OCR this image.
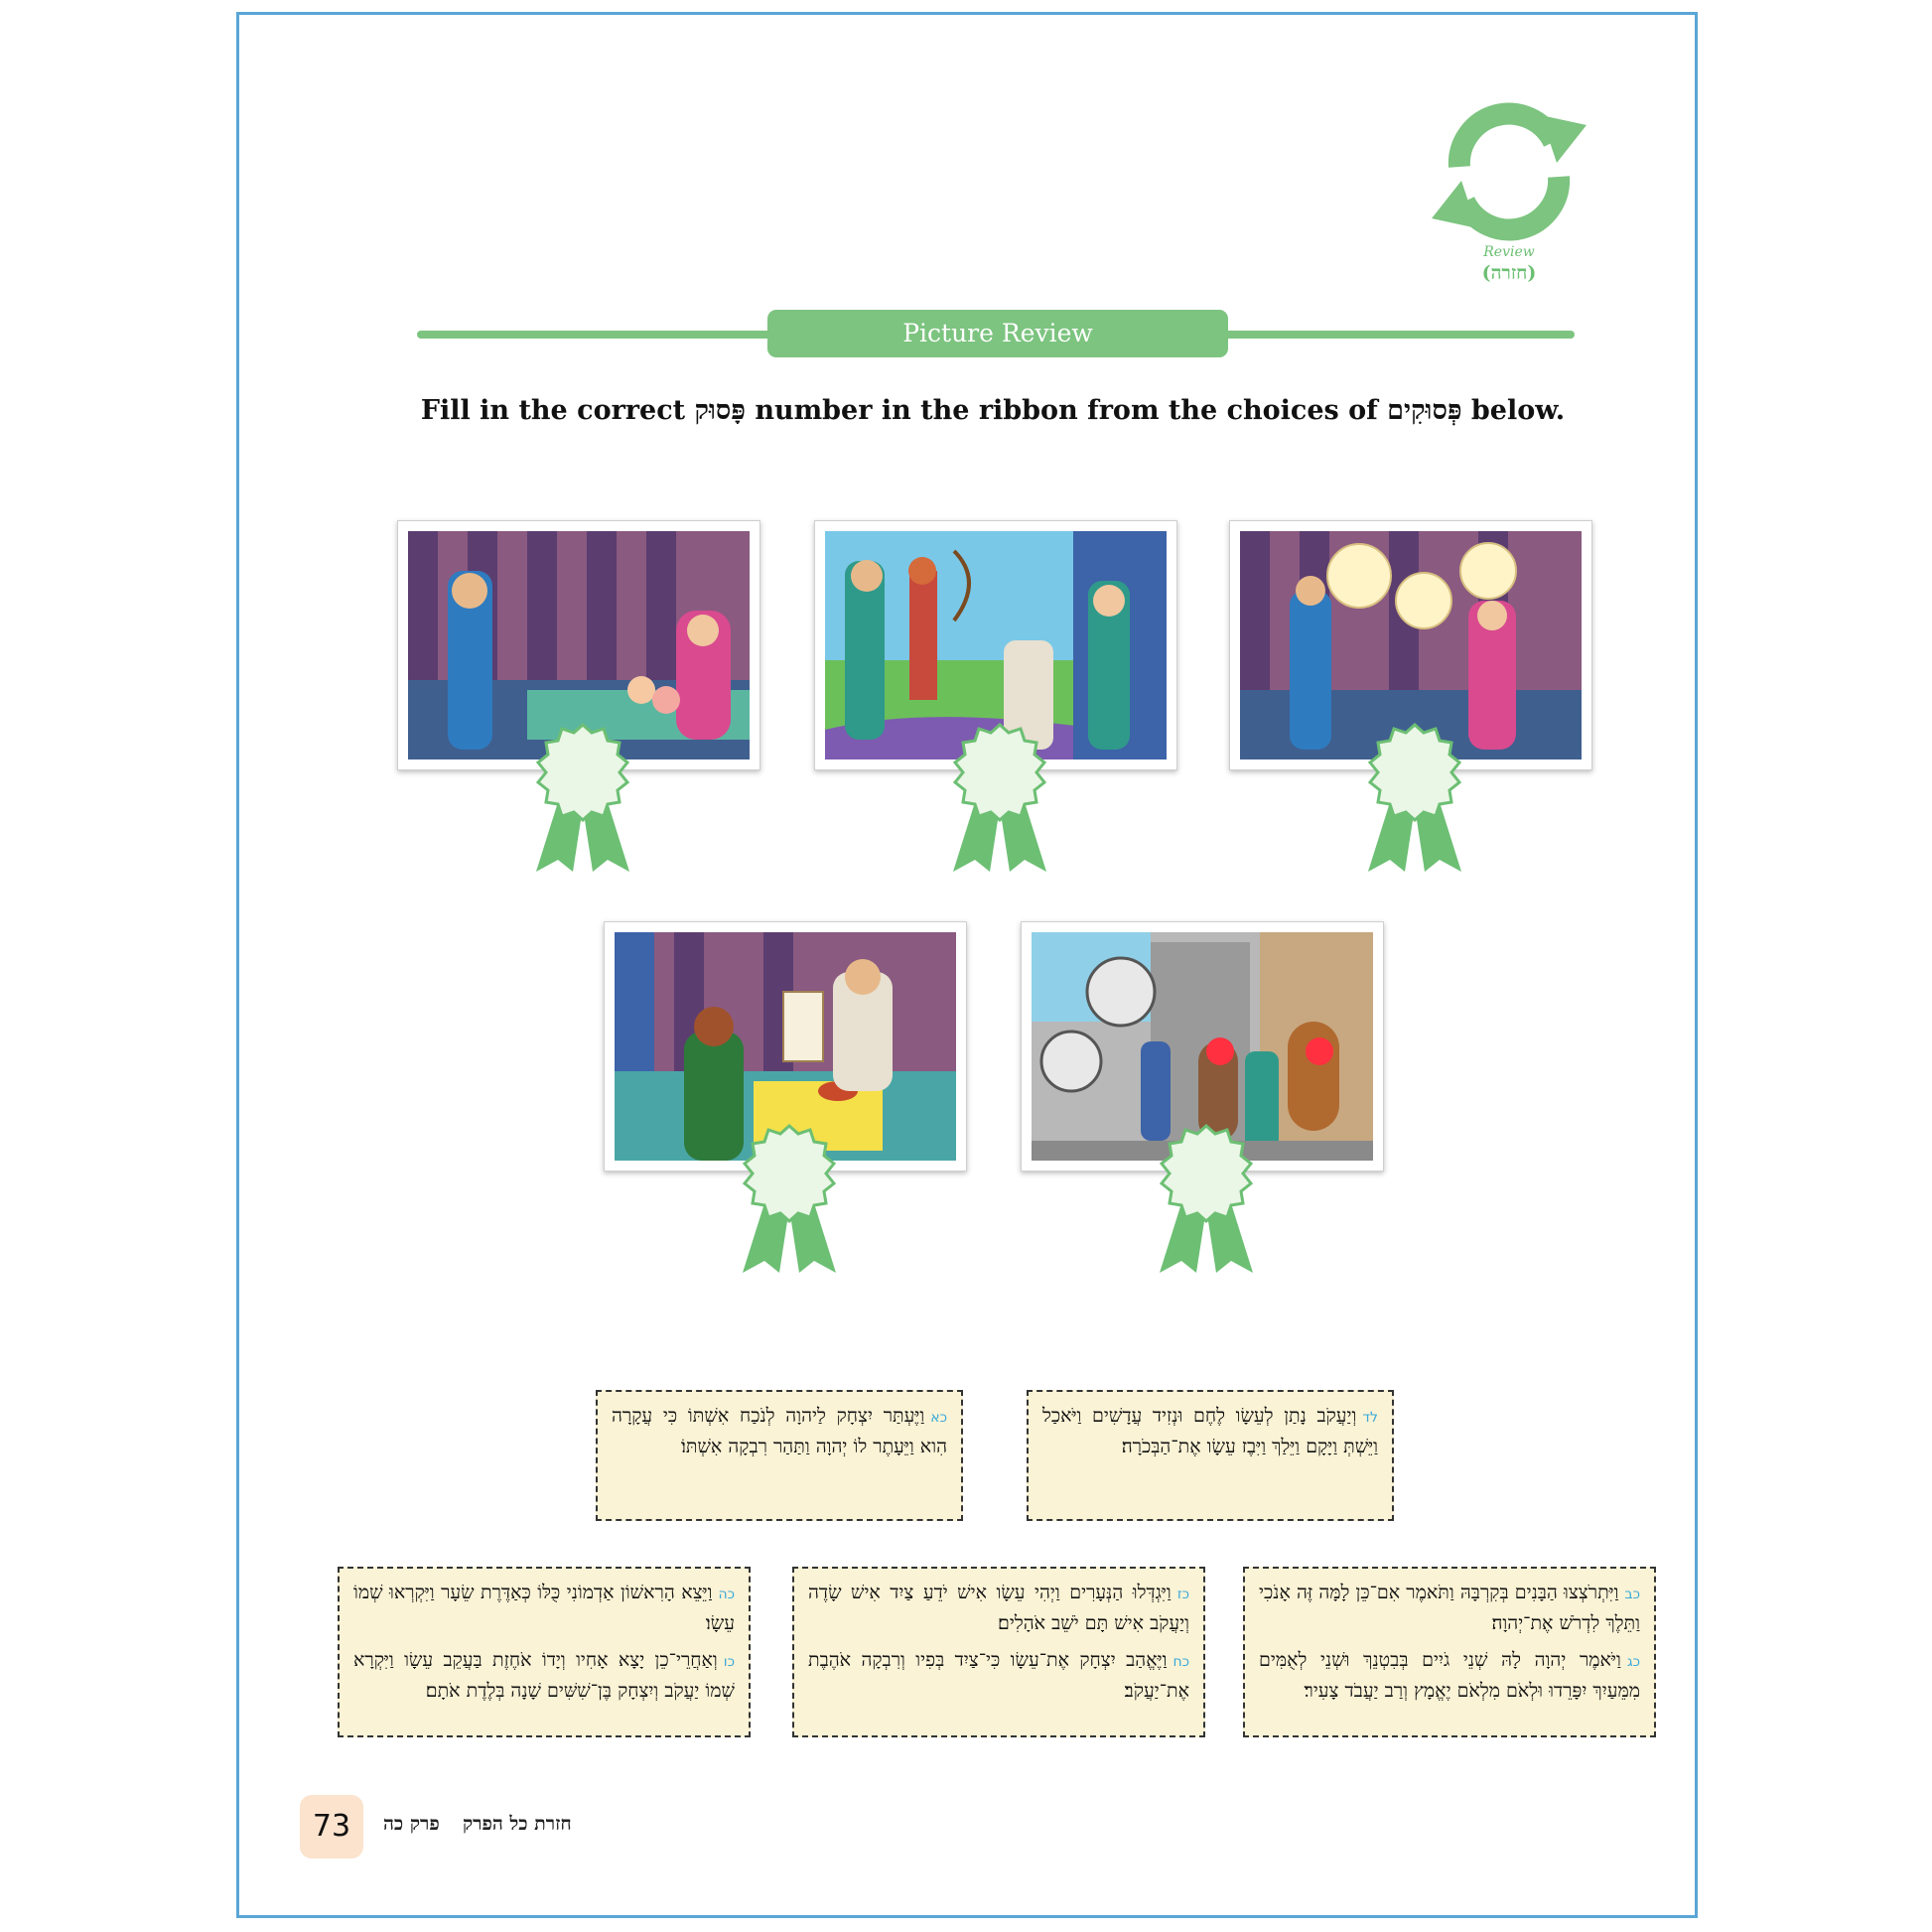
Review
(חזרה)
Picture Review
Fill in the correct פָּסוּק number in the ribbon from the choices of פְּסוּקִים below.
כאוַיֶּעְתַּר יִצְחָק לַיהוָה לְנֹכַח אִשְׁתּוֹ כִּי עֲקָרָה הִוא וַיֵּעָתֶר לוֹ יְהוָה וַתַּהַר רִבְקָה אִשְׁתּוֹ׃
לדוְיַעֲקֹב נָתַן לְעֵשָׂו לֶחֶם וּנְזִיד עֲדָשִׁים וַיֹּאכַל וַיֵּשְׁתְּ וַיָּקָם וַיֵּלַךְ וַיִּבֶז עֵשָׂו אֶת־הַבְּכֹרָה׃
כהוַיֵּצֵא הָרִאשׁוֹן אַדְמוֹנִי כֻּלּוֹ כְּאַדֶּרֶת שֵׂעָר וַיִּקְרְאוּ שְׁמוֹ עֵשָׂו׃
כווְאַחֲרֵי־כֵן יָצָא אָחִיו וְיָדוֹ אֹחֶזֶת בַּעֲקֵב עֵשָׂו וַיִּקְרָא שְׁמוֹ יַעֲקֹב וְיִצְחָק בֶּן־שִׁשִּׁים שָׁנָה בְּלֶדֶת אֹתָם׃
כזוַיִּגְדְּלוּ הַנְּעָרִים וַיְהִי עֵשָׂו אִישׁ יֹדֵעַ צַיִד אִישׁ שָׂדֶה וְיַעֲקֹב אִישׁ תָּם יֹשֵׁב אֹהָלִים׃
כחוַיֶּאֱהַב יִצְחָק אֶת־עֵשָׂו כִּי־צַיִד בְּפִיו וְרִבְקָה אֹהֶבֶת אֶת־יַעֲקֹב׃
כבוַיִּתְרֹצְצוּ הַבָּנִים בְּקִרְבָּהּ וַתֹּאמֶר אִם־כֵּן לָמָּה זֶּה אָנֹכִי וַתֵּלֶךְ לִדְרֹשׁ אֶת־יְהוָה׃
כגוַיֹּאמֶר יְהוָה לָהּ שְׁנֵי גֹיִים בְּבִטְנֵךְ וּשְׁנֵי לְאֻמִּים מִמֵּעַיִךְ יִפָּרֵדוּ וּלְאֹם מִלְאֹם יֶאֱמָץ וְרַב יַעֲבֹד צָעִיר׃
73	חזרת כל הפרק
פרק כה
